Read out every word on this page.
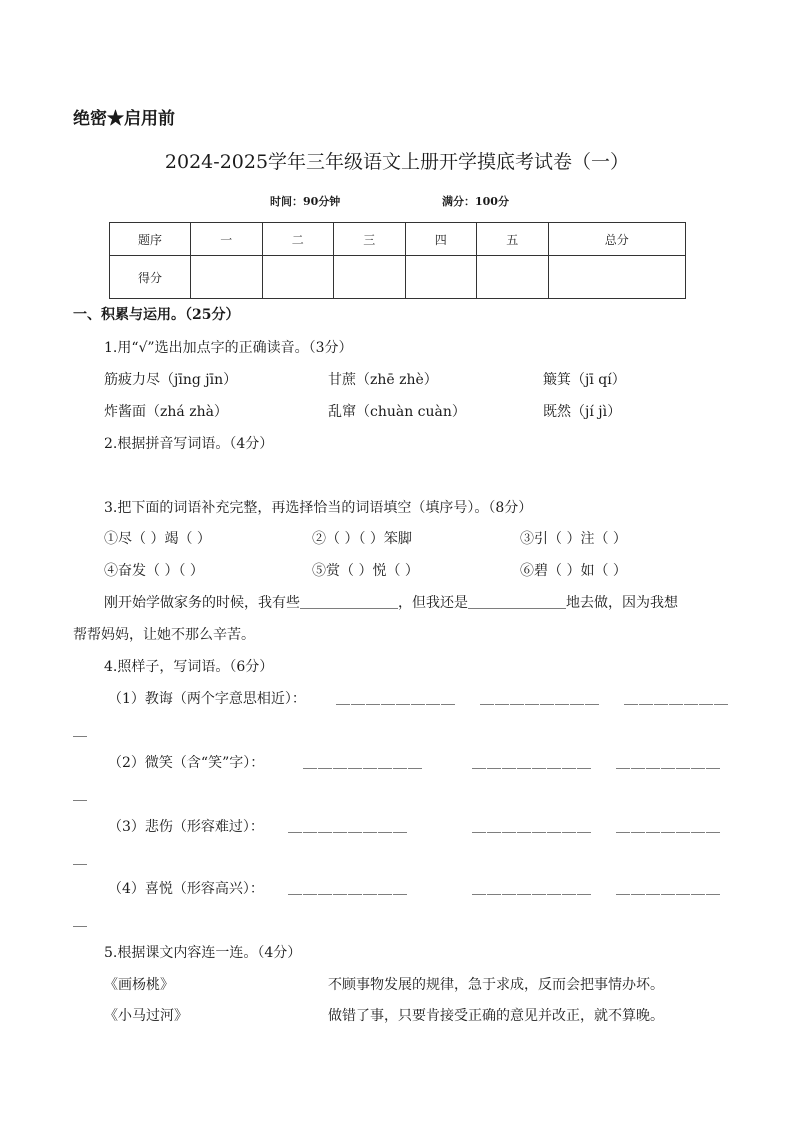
绝密★启用前
2024-2025学年三年级语文上册开学摸底考试卷（一）
时间：90分钟	满分：100分
题序	一	二	三	四	五	总分
得分						
一、积累与运用。（25分）
1.用“√”选出加点字的正确读音。（3分）
筋疲力尽（jīng jīn）	甘蔗（zhē zhè）	簸箕（jī qí）
炸酱面（zhá zhà）	乱窜（chuàn cuàn）	既然（jí jì）
2.根据拼音写词语。（4分）
3.把下面的词语补充完整，再选择恰当的词语填空（填序号）。（8分）
①尽（ ）竭（ ）	②（ ）（ ）笨脚	③引（ ）注（ ）
④奋发（ ）（ ）	⑤赏（ ）悦（ ）	⑥碧（ ）如（ ）
刚开始学做家务的时候，我有些＿＿＿＿＿＿＿，但我还是＿＿＿＿＿＿＿地去做，因为我想
帮帮妈妈，让她不那么辛苦。
4.照样子，写词语。（6分）
（1）教诲（两个字意思相近）： ＿＿＿＿＿＿＿＿ ＿＿＿＿＿＿＿＿ ＿＿＿＿＿＿＿
＿
（2）微笑（含“笑”字）：	＿＿＿＿＿＿＿＿	＿＿＿＿＿＿＿＿ ＿＿＿＿＿＿＿
＿
（3）悲伤（形容难过）： ＿＿＿＿＿＿＿＿	＿＿＿＿＿＿＿＿ ＿＿＿＿＿＿＿
＿
（4）喜悦（形容高兴）： ＿＿＿＿＿＿＿＿	＿＿＿＿＿＿＿＿ ＿＿＿＿＿＿＿
＿
5.根据课文内容连一连。（4分）
《画杨桃》	不顾事物发展的规律，急于求成，反而会把事情办坏。
《小马过河》	做错了事，只要肯接受正确的意见并改正，就不算晚。
